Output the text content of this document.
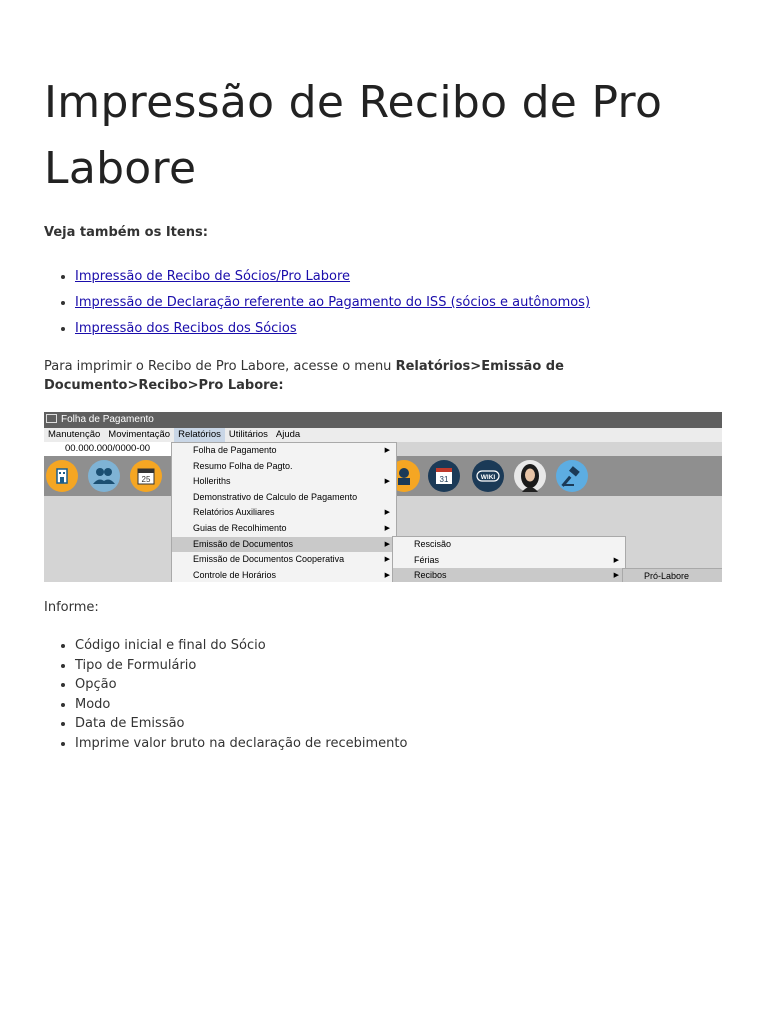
Impressão de Recibo de Pro Labore

Veja também os Itens:

• Impressão de Recibo de Sócios/Pro Labore
• Impressão de Declaração referente ao Pagamento do ISS (sócios e autônomos)
• Impressão dos Recibos dos Sócios

Para imprimir o Recibo de Pro Labore, acesse o menu Relatórios>Emissão de Documento>Recibo>Pro Labore:

Informe:

• Código inicial e final do Sócio
• Tipo de Formulário
• Opção
• Modo
• Data de Emissão
• Imprime valor bruto na declaração de recebimento
Folha de Pagamento
Manutenção Movimentação Relatórios Utilitários Ajuda
00.000.000/0000-00
25	31	WIKI
Folha de Pagamento	▶
Resumo Folha de Pagto.
Holleriths	▶
Demonstrativo de Calculo de Pagamento
Relatórios Auxiliares	▶
Guias de Recolhimento	▶
Emissão de Documentos	▶
Emissão de Documentos Cooperativa	▶
Controle de Horários	▶
Rescisão
Férias	▶
Recibos	▶	Pró-Labore
